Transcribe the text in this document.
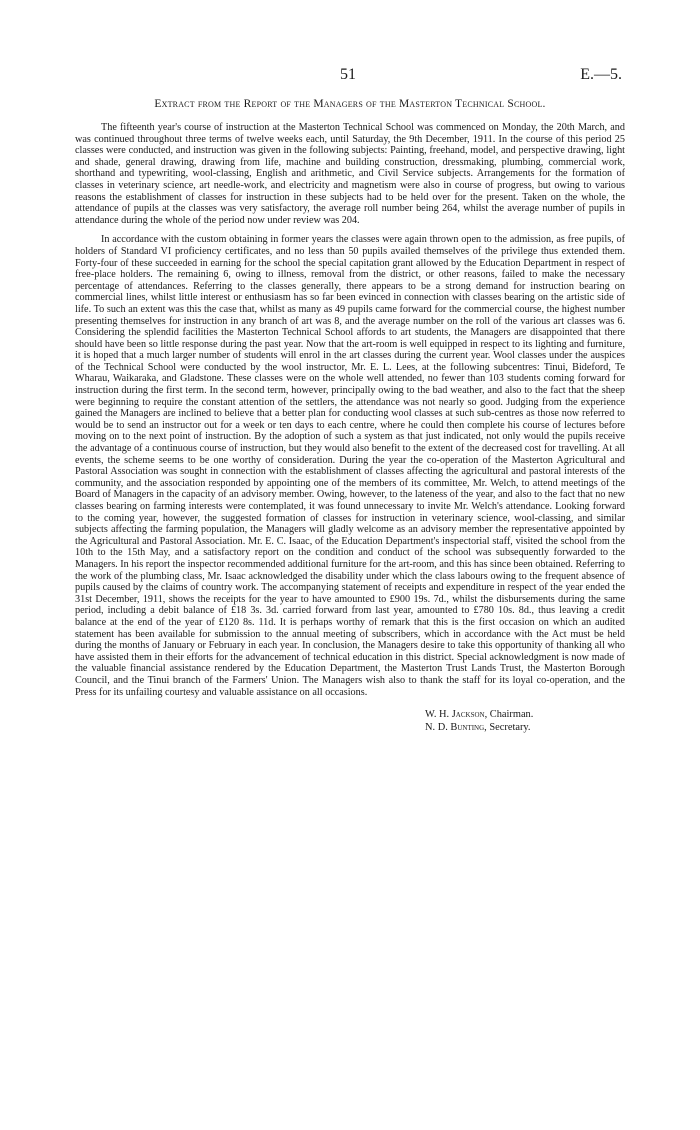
51	E.—5.
Extract from the Report of the Managers of the Masterton Technical School.

The fifteenth year's course of instruction at the Masterton Technical School was commenced on Monday, the 20th March, and was continued throughout three terms of twelve weeks each, until Saturday, the 9th December, 1911. In the course of this period 25 classes were conducted, and instruction was given in the following subjects: Painting, freehand, model, and perspective drawing, light and shade, general drawing, drawing from life, machine and building construction, dressmaking, plumbing, commercial work, shorthand and typewriting, wool-classing, English and arithmetic, and Civil Service subjects. Arrangements for the formation of classes in veterinary science, art needle-work, and electricity and magnetism were also in course of progress, but owing to various reasons the establishment of classes for instruction in these subjects had to be held over for the present. Taken on the whole, the attendance of pupils at the classes was very satisfactory, the average roll number being 264, whilst the average number of pupils in attendance during the whole of the period now under review was 204.

In accordance with the custom obtaining in former years the classes were again thrown open to the admission, as free pupils, of holders of Standard VI proficiency certificates, and no less than 50 pupils availed themselves of the privilege thus extended them. Forty-four of these succeeded in earning for the school the special capitation grant allowed by the Education Department in respect of free-place holders. The remaining 6, owing to illness, removal from the district, or other reasons, failed to make the necessary percentage of attendances. Referring to the classes generally, there appears to be a strong demand for instruction bearing on commercial lines, whilst little interest or enthusiasm has so far been evinced in connection with classes bearing on the artistic side of life. To such an extent was this the case that, whilst as many as 49 pupils came forward for the commercial course, the highest number presenting themselves for instruction in any branch of art was 8, and the average number on the roll of the various art classes was 6. Considering the splendid facilities the Masterton Technical School affords to art students, the Managers are disappointed that there should have been so little response during the past year. Now that the art-room is well equipped in respect to its lighting and furniture, it is hoped that a much larger number of students will enrol in the art classes during the current year. Wool classes under the auspices of the Technical School were conducted by the wool instructor, Mr. E. L. Lees, at the following subcentres: Tinui, Bideford, Te Wharau, Waikaraka, and Gladstone. These classes were on the whole well attended, no fewer than 103 students coming forward for instruction during the first term. In the second term, however, principally owing to the bad weather, and also to the fact that the sheep were beginning to require the constant attention of the settlers, the attendance was not nearly so good. Judging from the experience gained the Managers are inclined to believe that a better plan for conducting wool classes at such sub-centres as those now referred to would be to send an instructor out for a week or ten days to each centre, where he could then complete his course of lectures before moving on to the next point of instruction. By the adoption of such a system as that just indicated, not only would the pupils receive the advantage of a continuous course of instruction, but they would also benefit to the extent of the decreased cost for travelling. At all events, the scheme seems to be one worthy of consideration. During the year the co-operation of the Masterton Agricultural and Pastoral Association was sought in connection with the establishment of classes affecting the agricultural and pastoral interests of the community, and the association responded by appointing one of the members of its committee, Mr. Welch, to attend meetings of the Board of Managers in the capacity of an advisory member. Owing, however, to the lateness of the year, and also to the fact that no new classes bearing on farming interests were contemplated, it was found unnecessary to invite Mr. Welch's attendance. Looking forward to the coming year, however, the suggested formation of classes for instruction in veterinary science, wool-classing, and similar subjects affecting the farming population, the Managers will gladly welcome as an advisory member the representative appointed by the Agricultural and Pastoral Association. Mr. E. C. Isaac, of the Education Department's inspectorial staff, visited the school from the 10th to the 15th May, and a satisfactory report on the condition and conduct of the school was subsequently forwarded to the Managers. In his report the inspector recommended additional furniture for the art-room, and this has since been obtained. Referring to the work of the plumbing class, Mr. Isaac acknowledged the disability under which the class labours owing to the frequent absence of pupils caused by the claims of country work. The accompanying statement of receipts and expenditure in respect of the year ended the 31st December, 1911, shows the receipts for the year to have amounted to £900 19s. 7d., whilst the disbursements during the same period, including a debit balance of £18 3s. 3d. carried forward from last year, amounted to £780 10s. 8d., thus leaving a credit balance at the end of the year of £120 8s. 11d. It is perhaps worthy of remark that this is the first occasion on which an audited statement has been available for submission to the annual meeting of subscribers, which in accordance with the Act must be held during the months of January or February in each year. In conclusion, the Managers desire to take this opportunity of thanking all who have assisted them in their efforts for the advancement of technical education in this district. Special acknowledgment is now made of the valuable financial assistance rendered by the Education Department, the Masterton Trust Lands Trust, the Masterton Borough Council, and the Tinui branch of the Farmers' Union. The Managers wish also to thank the staff for its loyal co-operation, and the Press for its unfailing courtesy and valuable assistance on all occasions.

W. H. Jackson, Chairman.
N. D. Bunting, Secretary.
